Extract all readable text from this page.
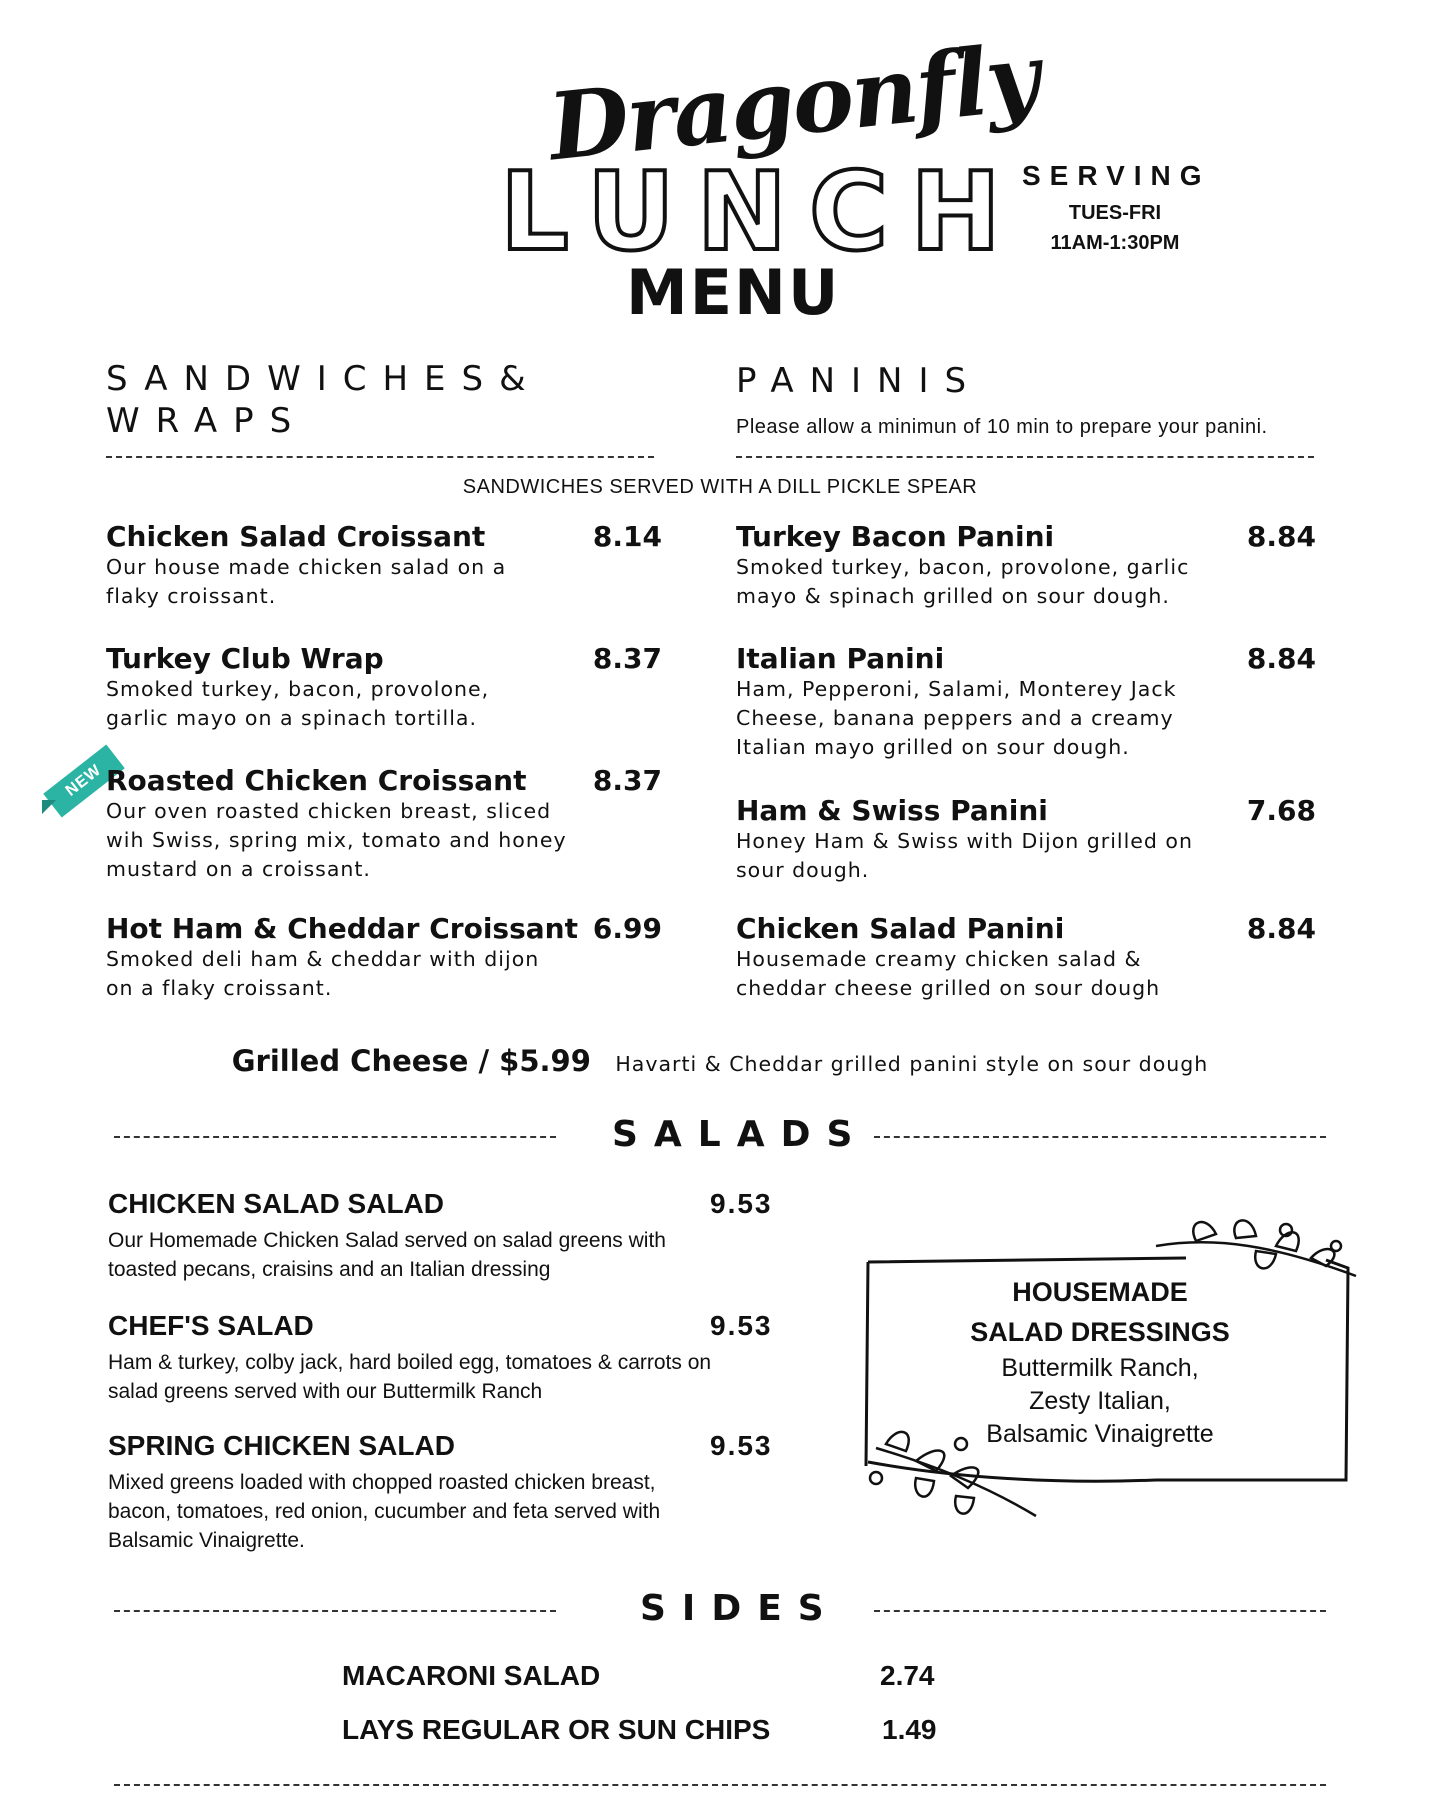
Dragonfly
LUNCH
MENU
SERVING
TUES-FRI
11AM-1:30PM
SANDWICHES&
WRAPS
PANINIS
Please allow a minimun of 10 min to prepare your panini.
SANDWICHES SERVED WITH A DILL PICKLE SPEAR
NEW
Chicken Salad Croissant	8.14
Our house made chicken salad on a
flaky croissant.
Turkey Club Wrap	8.37
Smoked turkey, bacon, provolone,
garlic mayo on a spinach tortilla.
Roasted Chicken Croissant	8.37
Our oven roasted chicken breast, sliced
wih Swiss, spring mix, tomato and honey
mustard on a croissant.
Hot Ham & Cheddar Croissant 6.99
Smoked deli ham & cheddar with dijon
on a flaky croissant.
Turkey Bacon Panini	8.84
Smoked turkey, bacon, provolone, garlic
mayo & spinach grilled on sour dough.
Italian Panini	8.84
Ham, Pepperoni, Salami, Monterey Jack
Cheese, banana peppers and a creamy
Italian mayo grilled on sour dough.
Ham & Swiss Panini	7.68
Honey Ham & Swiss with Dijon grilled on
sour dough.
Chicken Salad Panini	8.84
Housemade creamy chicken salad &
cheddar cheese grilled on sour dough
Grilled Cheese / $5.99 Havarti & Cheddar grilled panini style on sour dough
SALADS
CHICKEN SALAD SALAD	9.53
Our Homemade Chicken Salad served on salad greens with
toasted pecans, craisins and an Italian dressing
CHEF'S SALAD	9.53
Ham & turkey, colby jack, hard boiled egg, tomatoes & carrots on
salad greens served with our Buttermilk Ranch
SPRING CHICKEN SALAD	9.53
Mixed greens loaded with chopped roasted chicken breast,
bacon, tomatoes, red onion, cucumber and feta served with
Balsamic Vinaigrette.
HOUSEMADE
SALAD DRESSINGS
Buttermilk Ranch,
Zesty Italian,
Balsamic Vinaigrette
SIDES
MACARONI SALAD	2.74
LAYS REGULAR OR SUN CHIPS	1.49
